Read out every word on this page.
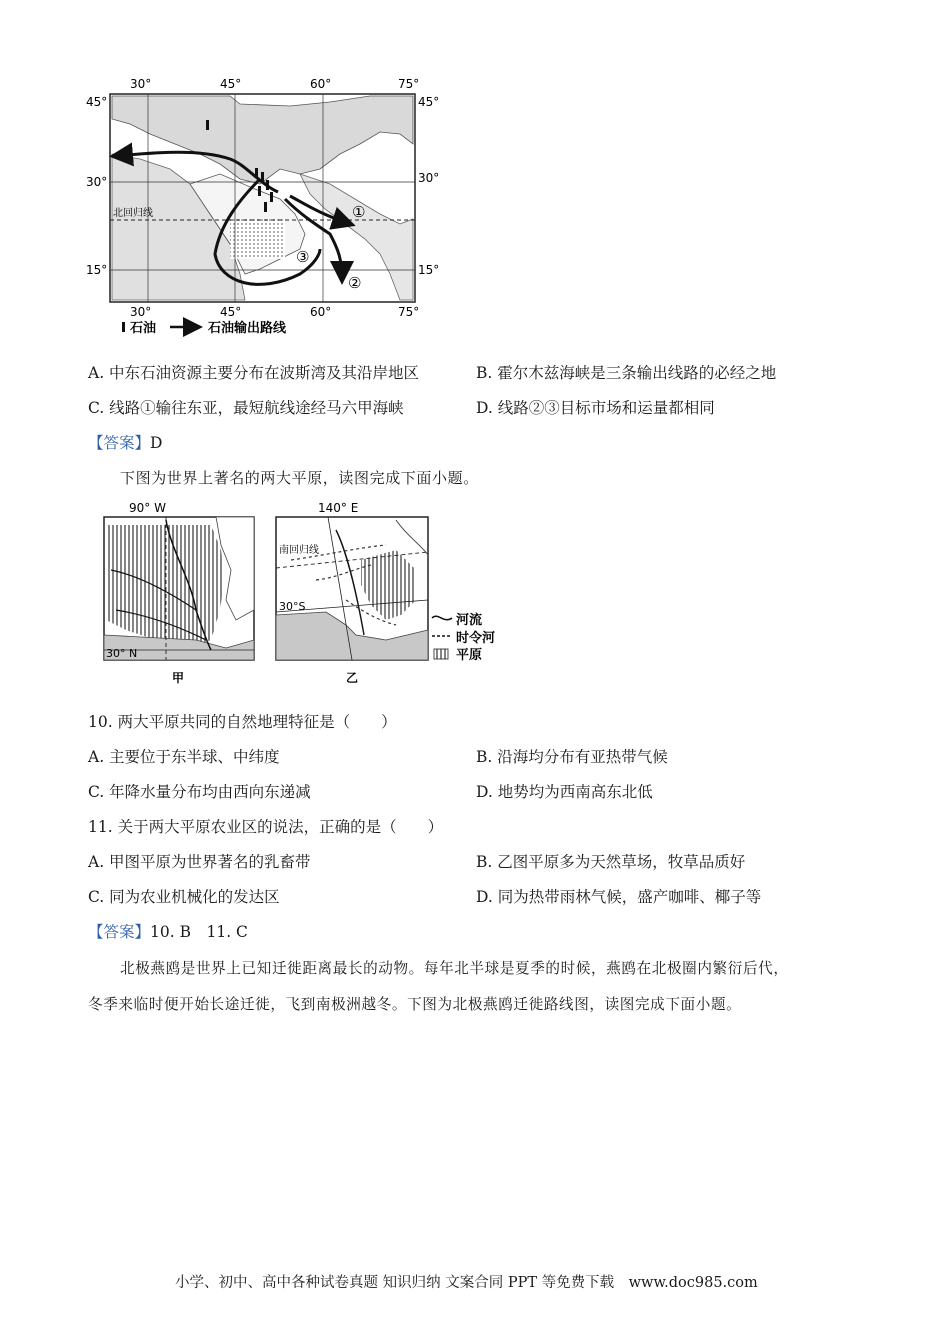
北回归线	①
②
③
30°	45°	60°	75°
30°	45°	60°	75°
45°
30°
15°
45°
30°
15°
石油	石油输出路线
A. 中东石油资源主要分布在波斯湾及其沿岸地区	B. 霍尔木兹海峡是三条输出线路的必经之地
C. 线路①输往东亚，最短航线途经马六甲海峡	D. 线路②③目标市场和运量都相同
【答案】D
下图为世界上著名的两大平原，读图完成下面小题。
90° W
30° N
甲
140° E
南回归线
30°S
乙
河流
时令河
平原
10. 两大平原共同的自然地理特征是（　　）
A. 主要位于东半球、中纬度	B. 沿海均分布有亚热带气候
C. 年降水量分布均由西向东递减	D. 地势均为西南高东北低
11. 关于两大平原农业区的说法，正确的是（　　）
A. 甲图平原为世界著名的乳畜带	B. 乙图平原多为天然草场，牧草品质好
C. 同为农业机械化的发达区	D. 同为热带雨林气候，盛产咖啡、椰子等
【答案】10. B　11. C
北极燕鸥是世界上已知迁徙距离最长的动物。每年北半球是夏季的时候，燕鸥在北极圈内繁衍后代，
冬季来临时便开始长途迁徙，飞到南极洲越冬。下图为北极燕鸥迁徙路线图，读图完成下面小题。
小学、初中、高中各种试卷真题 知识归纳 文案合同 PPT 等免费下载　www.doc985.com
